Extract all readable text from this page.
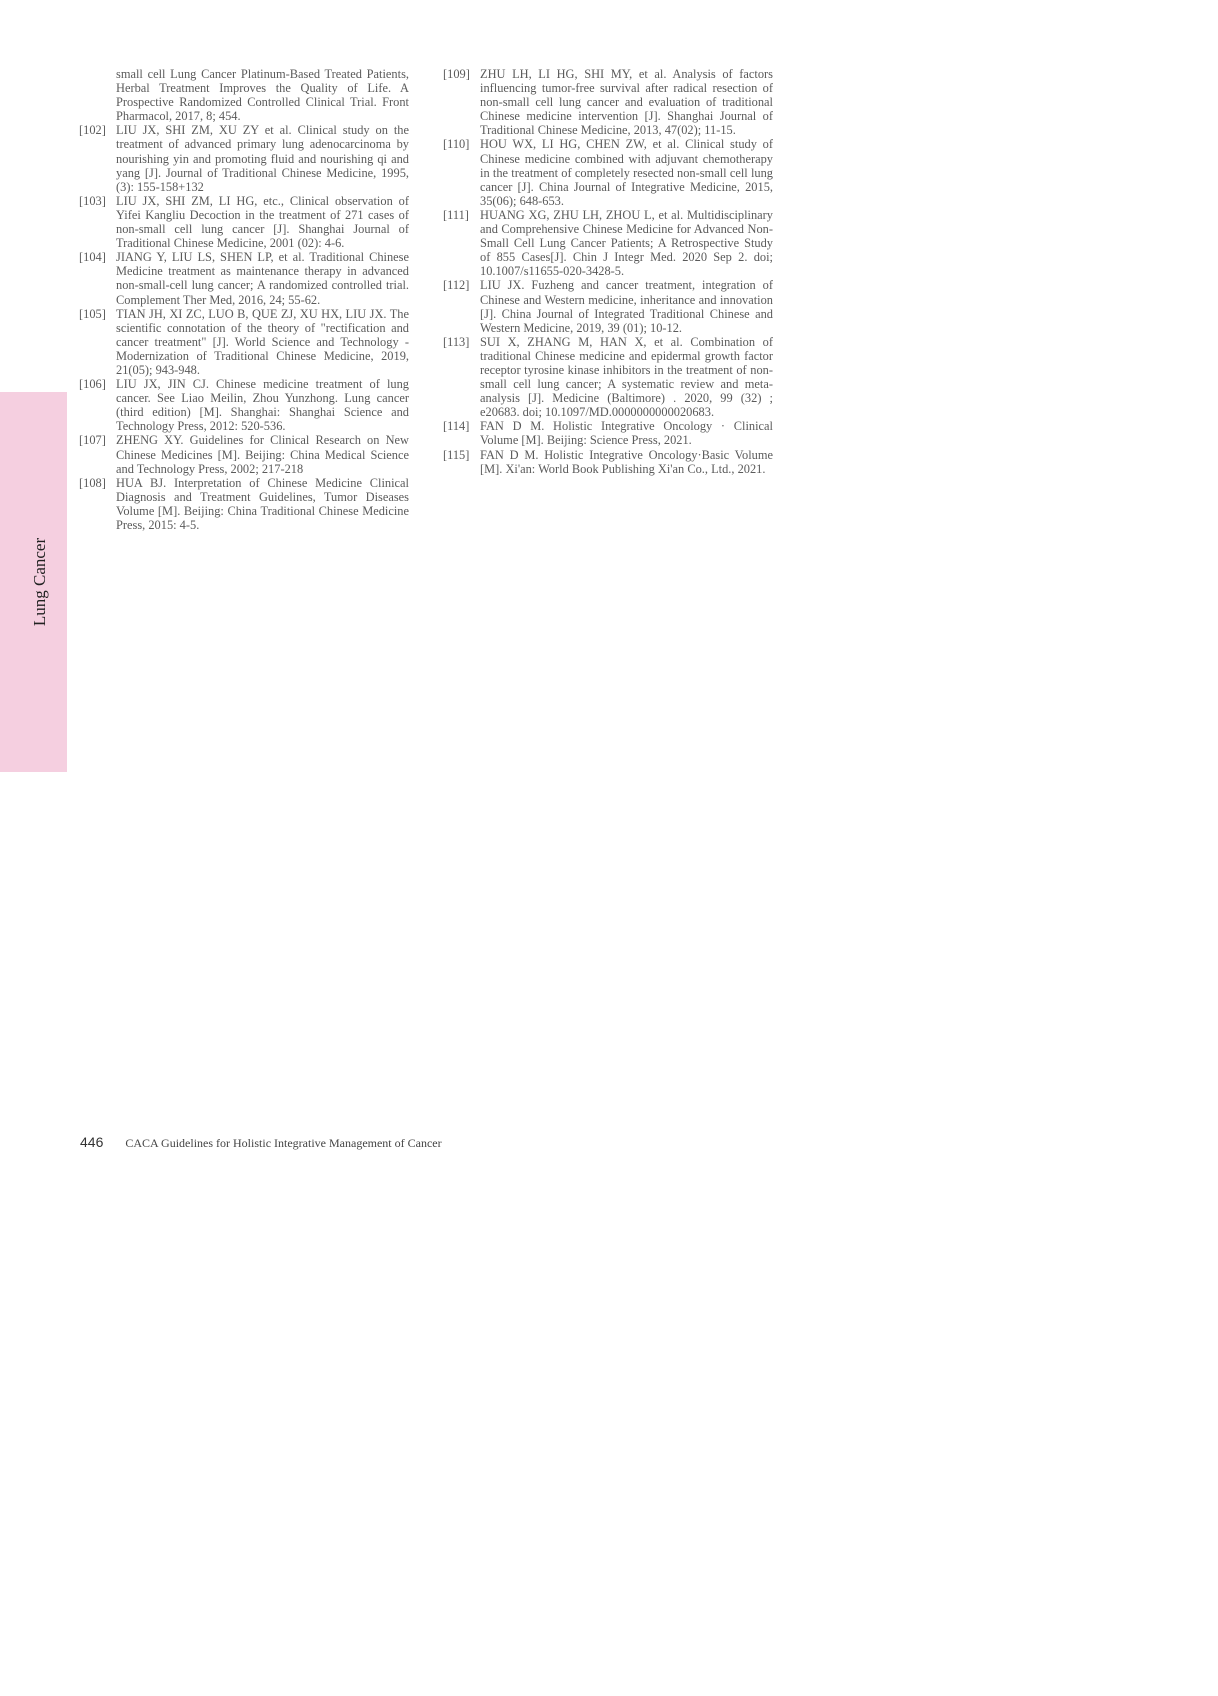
Lung Cancer
small cell Lung Cancer Platinum-Based Treated Patients, Herbal Treatment Improves the Quality of Life. A Prospective Randomized Controlled Clinical Trial. Front Pharmacol, 2017, 8; 454.
[102] LIU JX, SHI ZM, XU ZY et al. Clinical study on the treatment of advanced primary lung adenocarcinoma by nourishing yin and promoting fluid and nourishing qi and yang [J]. Journal of Traditional Chinese Medicine, 1995, (3): 155-158+132
[103] LIU JX, SHI ZM, LI HG, etc., Clinical observation of Yifei Kangliu Decoction in the treatment of 271 cases of non-small cell lung cancer [J]. Shanghai Journal of Traditional Chinese Medicine, 2001 (02): 4-6.
[104] JIANG Y, LIU LS, SHEN LP, et al. Traditional Chinese Medicine treatment as maintenance therapy in advanced non-small-cell lung cancer; A randomized controlled trial. Complement Ther Med, 2016, 24; 55-62.
[105] TIAN JH, XI ZC, LUO B, QUE ZJ, XU HX, LIU JX. The scientific connotation of the theory of "rectification and cancer treatment" [J]. World Science and Technology - Modernization of Traditional Chinese Medicine, 2019, 21(05); 943-948.
[106] LIU JX, JIN CJ. Chinese medicine treatment of lung cancer. See Liao Meilin, Zhou Yunzhong. Lung cancer (third edition) [M]. Shanghai: Shanghai Science and Technology Press, 2012: 520-536.
[107] ZHENG XY. Guidelines for Clinical Research on New Chinese Medicines [M]. Beijing: China Medical Science and Technology Press, 2002; 217-218
[108] HUA BJ. Interpretation of Chinese Medicine Clinical Diagnosis and Treatment Guidelines, Tumor Diseases Volume [M]. Beijing: China Traditional Chinese Medicine Press, 2015: 4-5.
[109] ZHU LH, LI HG, SHI MY, et al. Analysis of factors influencing tumor-free survival after radical resection of non-small cell lung cancer and evaluation of traditional Chinese medicine intervention [J]. Shanghai Journal of Traditional Chinese Medicine, 2013, 47(02); 11-15.
[110] HOU WX, LI HG, CHEN ZW, et al. Clinical study of Chinese medicine combined with adjuvant chemotherapy in the treatment of completely resected non-small cell lung cancer [J]. China Journal of Integrative Medicine, 2015, 35(06); 648-653.
[111] HUANG XG, ZHU LH, ZHOU L, et al. Multidisciplinary and Comprehensive Chinese Medicine for Advanced Non-Small Cell Lung Cancer Patients; A Retrospective Study of 855 Cases[J]. Chin J Integr Med. 2020 Sep 2. doi; 10.1007/s11655-020-3428-5.
[112] LIU JX. Fuzheng and cancer treatment, integration of Chinese and Western medicine, inheritance and innovation [J]. China Journal of Integrated Traditional Chinese and Western Medicine, 2019, 39 (01); 10-12.
[113] SUI X, ZHANG M, HAN X, et al. Combination of traditional Chinese medicine and epidermal growth factor receptor tyrosine kinase inhibitors in the treatment of non-small cell lung cancer; A systematic review and meta-analysis [J]. Medicine (Baltimore) . 2020, 99 (32) ; e20683. doi; 10.1097/MD.0000000000020683.
[114] FAN D M. Holistic Integrative Oncology · Clinical Volume [M]. Beijing: Science Press, 2021.
[115] FAN D M. Holistic Integrative Oncology·Basic Volume [M]. Xi'an: World Book Publishing Xi'an Co., Ltd., 2021.
446 CACA Guidelines for Holistic Integrative Management of Cancer
